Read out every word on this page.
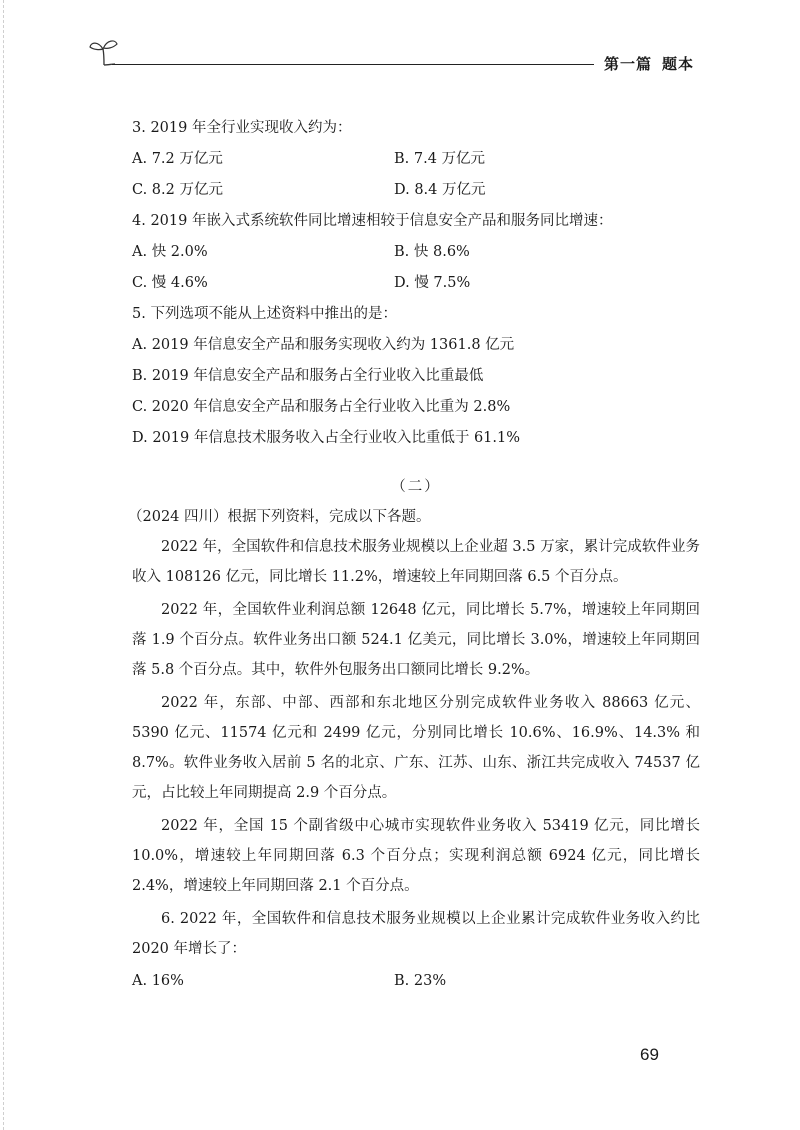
第一篇 题本
3. 2019 年全行业实现收入约为：
A. 7.2 万亿元	B. 7.4 万亿元
C. 8.2 万亿元	D. 8.4 万亿元
4. 2019 年嵌入式系统软件同比增速相较于信息安全产品和服务同比增速：
A. 快 2.0%	B. 快 8.6%
C. 慢 4.6%	D. 慢 7.5%
5. 下列选项不能从上述资料中推出的是：
A. 2019 年信息安全产品和服务实现收入约为 1361.8 亿元
B. 2019 年信息安全产品和服务占全行业收入比重最低
C. 2020 年信息安全产品和服务占全行业收入比重为 2.8%
D. 2019 年信息技术服务收入占全行业收入比重低于 61.1%
（二）
（2024 四川）根据下列资料，完成以下各题。

2022 年，全国软件和信息技术服务业规模以上企业超 3.5 万家，累计完成软件业务收入 108126 亿元，同比增长 11.2%，增速较上年同期回落 6.5 个百分点。

2022 年，全国软件业利润总额 12648 亿元，同比增长 5.7%，增速较上年同期回落 1.9 个百分点。软件业务出口额 524.1 亿美元，同比增长 3.0%，增速较上年同期回落 5.8 个百分点。其中，软件外包服务出口额同比增长 9.2%。

2022 年，东部、中部、西部和东北地区分别完成软件业务收入 88663 亿元、5390 亿元、11574 亿元和 2499 亿元，分别同比增长 10.6%、16.9%、14.3% 和 8.7%。软件业务收入居前 5 名的北京、广东、江苏、山东、浙江共完成收入 74537 亿元，占比较上年同期提高 2.9 个百分点。

2022 年，全国 15 个副省级中心城市实现软件业务收入 53419 亿元，同比增长 10.0%，增速较上年同期回落 6.3 个百分点；实现利润总额 6924 亿元，同比增长 2.4%，增速较上年同期回落 2.1 个百分点。

6. 2022 年，全国软件和信息技术服务业规模以上企业累计完成软件业务收入约比 2020 年增长了：

A. 16%	B. 23%
69
